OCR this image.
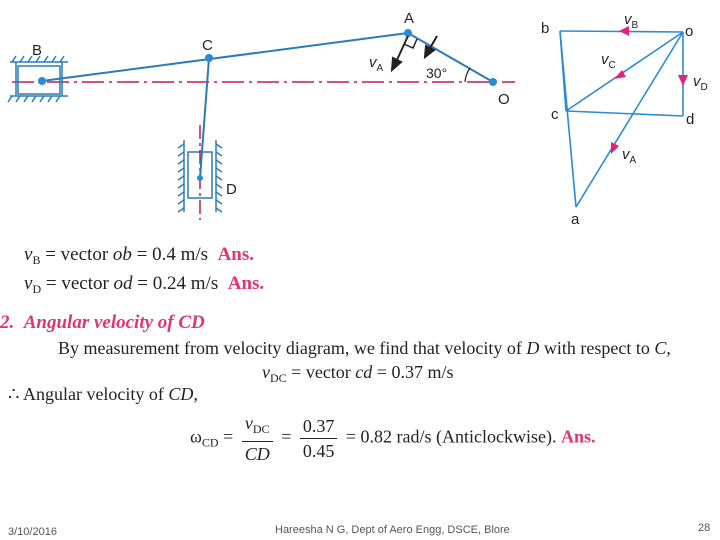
B	C
A
O
D
30°
$v_A$
o
b
c	d
a
$v_B$
$v_C$
$v_D$
$v_A$
$v_B$ = vector ob = 0.4 m/s Ans.
$v_D$ = vector od = 0.24 m/s Ans.
2. Angular velocity of CD
By measurement from velocity diagram, we find that velocity of D with respect to C,
$v_{DC}$ = vector cd = 0.37 m/s
∴ Angular velocity of CD,
$\omega_{CD} = \frac{v_{DC}}{CD} = \frac{0.37}{0.45} = 0.82$ rad/s (Anticlockwise). Ans.
3/10/2016	Hareesha N G, Dept of Aero Engg, DSCE, Blore	28
